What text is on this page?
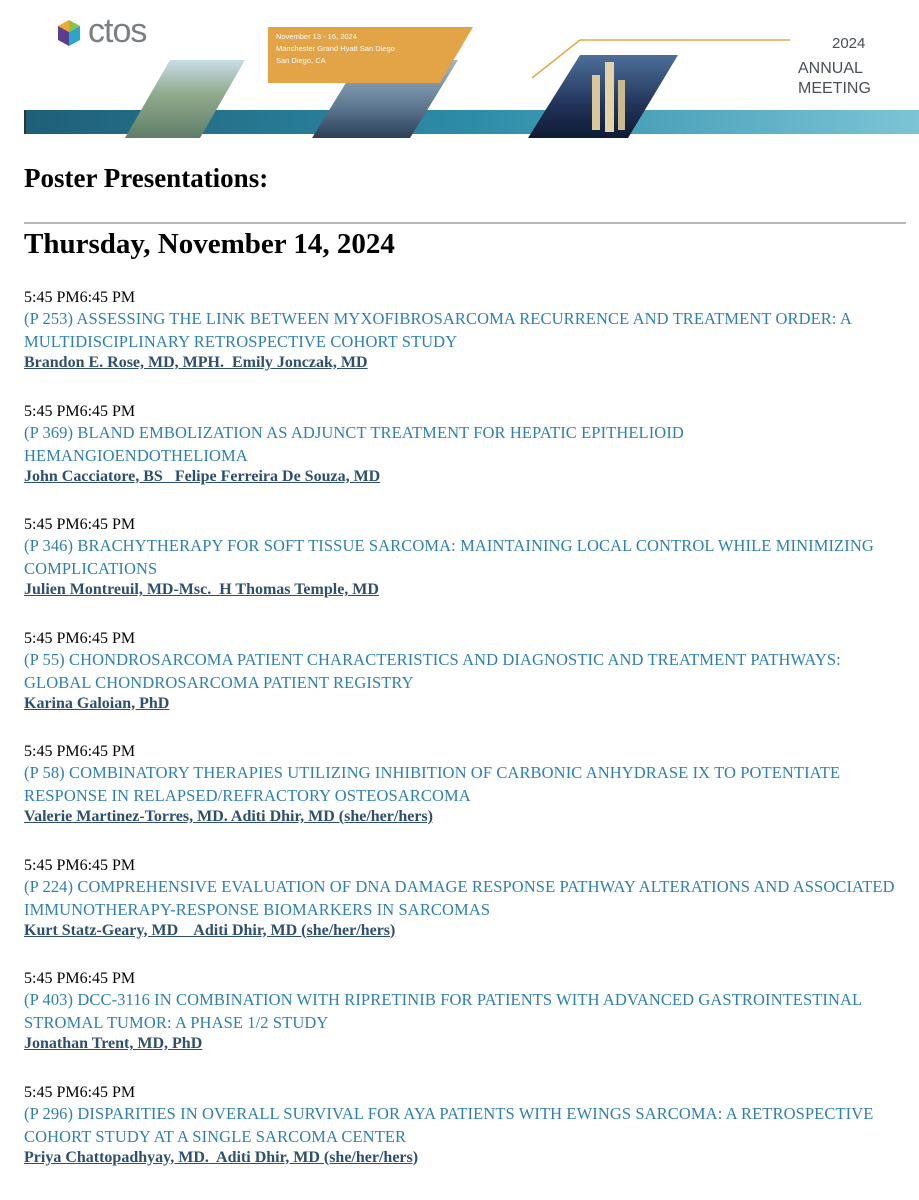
ctos	November 13 - 16, 2024
Manchester Grand Hyatt San Diego
San Diego, CA
2024
ANNUAL
MEETING
Poster Presentations:
Thursday, November 14, 2024
5:45 PM6:45 PM
(P 253) ASSESSING THE LINK BETWEEN MYXOFIBROSARCOMA RECURRENCE AND TREATMENT ORDER: A MULTIDISCIPLINARY RETROSPECTIVE COHORT STUDY
Brandon E. Rose, MD, MPH.  Emily Jonczak, MD
5:45 PM6:45 PM
(P 369) BLAND EMBOLIZATION AS ADJUNCT TREATMENT FOR HEPATIC EPITHELIOID HEMANGIOENDOTHELIOMA
John Cacciatore, BS   Felipe Ferreira De Souza, MD
5:45 PM6:45 PM
(P 346) BRACHYTHERAPY FOR SOFT TISSUE SARCOMA: MAINTAINING LOCAL CONTROL WHILE MINIMIZING COMPLICATIONS
Julien Montreuil, MD-Msc.  H Thomas Temple, MD
5:45 PM6:45 PM
(P 55) CHONDROSARCOMA PATIENT CHARACTERISTICS AND DIAGNOSTIC AND TREATMENT PATHWAYS: GLOBAL CHONDROSARCOMA PATIENT REGISTRY
Karina Galoian, PhD
5:45 PM6:45 PM
(P 58) COMBINATORY THERAPIES UTILIZING INHIBITION OF CARBONIC ANHYDRASE IX TO POTENTIATE RESPONSE IN RELAPSED/REFRACTORY OSTEOSARCOMA
Valerie Martinez-Torres, MD. Aditi Dhir, MD (she/her/hers)
5:45 PM6:45 PM
(P 224) COMPREHENSIVE EVALUATION OF DNA DAMAGE RESPONSE PATHWAY ALTERATIONS AND ASSOCIATED IMMUNOTHERAPY-RESPONSE BIOMARKERS IN SARCOMAS
Kurt Statz-Geary, MD    Aditi Dhir, MD (she/her/hers)
5:45 PM6:45 PM
(P 403) DCC-3116 IN COMBINATION WITH RIPRETINIB FOR PATIENTS WITH ADVANCED GASTROINTESTINAL STROMAL TUMOR: A PHASE 1/2 STUDY
Jonathan Trent, MD, PhD
5:45 PM6:45 PM
(P 296) DISPARITIES IN OVERALL SURVIVAL FOR AYA PATIENTS WITH EWINGS SARCOMA: A RETROSPECTIVE COHORT STUDY AT A SINGLE SARCOMA CENTER
Priya Chattopadhyay, MD.  Aditi Dhir, MD (she/her/hers)
